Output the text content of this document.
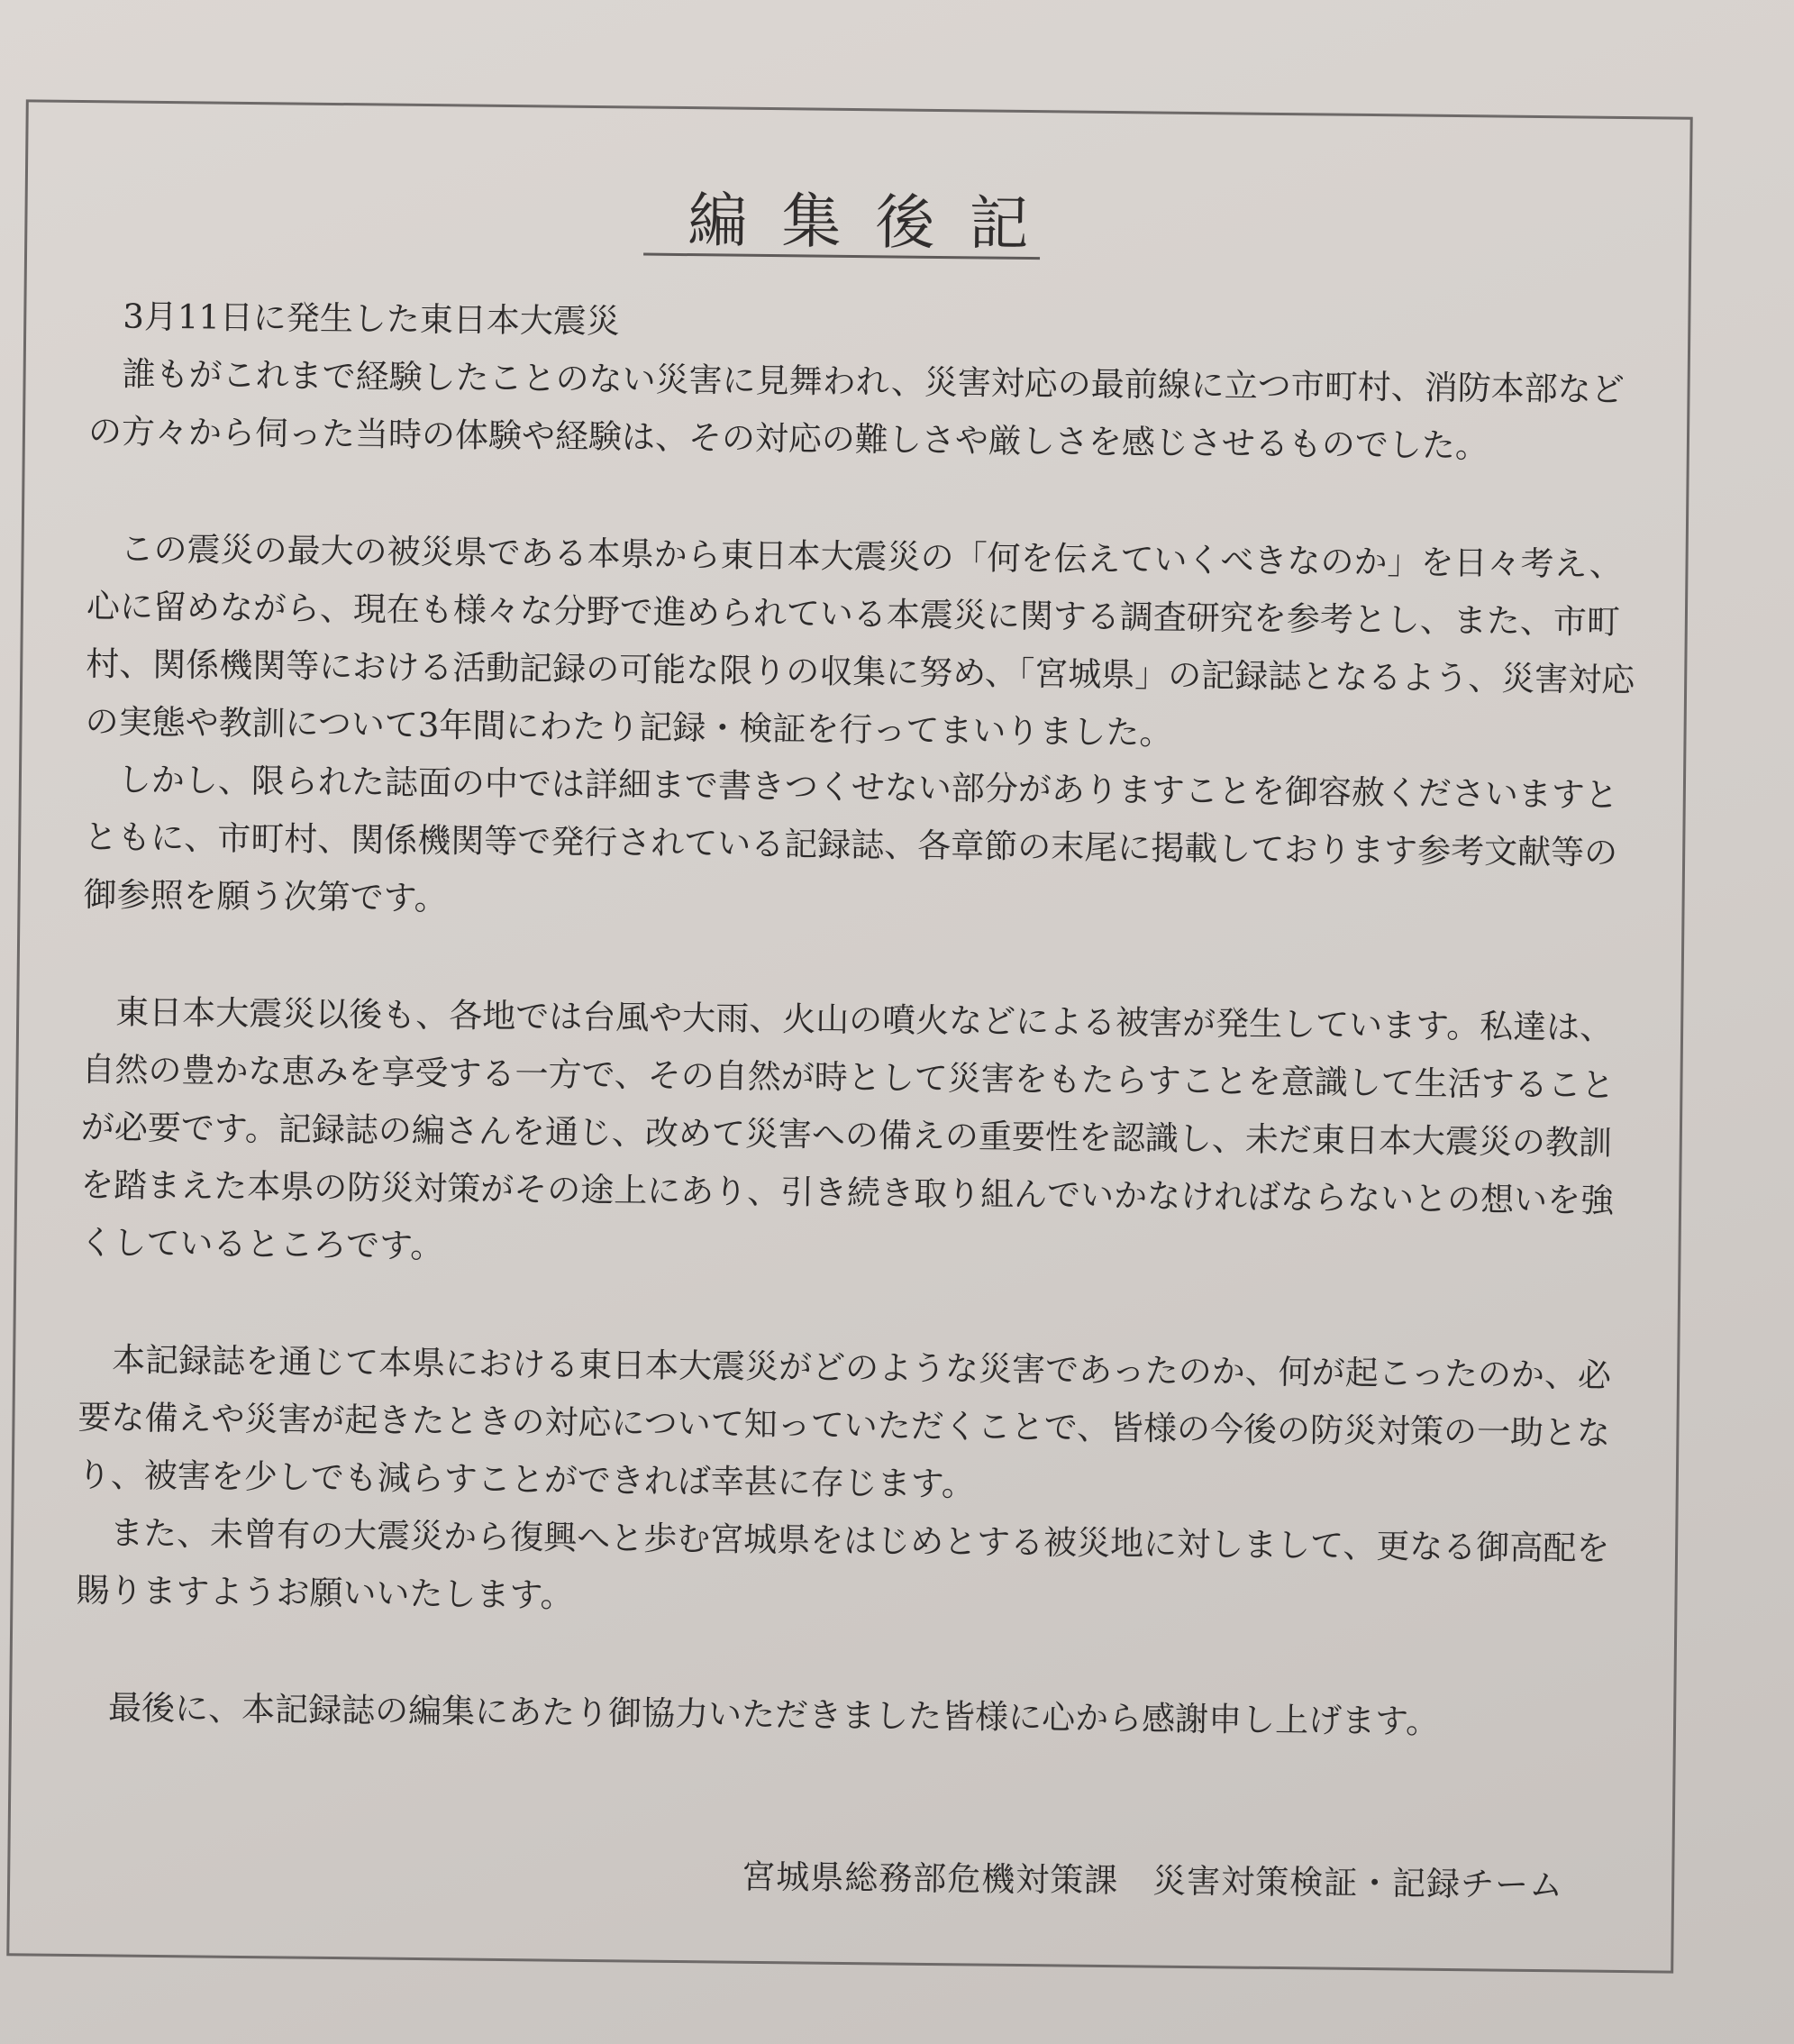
編集後記

3月11日に発生した東日本大震災

誰もがこれまで経験したことのない災害に見舞われ、災害対応の最前線に立つ市町村、消防本部などの方々から伺った当時の体験や経験は、その対応の難しさや厳しさを感じさせるものでした。

この震災の最大の被災県である本県から東日本大震災の「何を伝えていくべきなのか」を日々考え、心に留めながら、現在も様々な分野で進められている本震災に関する調査研究を参考とし、また、市町村、関係機関等における活動記録の可能な限りの収集に努め、「宮城県」の記録誌となるよう、災害対応の実態や教訓について3年間にわたり記録・検証を行ってまいりました。

しかし、限られた誌面の中では詳細まで書きつくせない部分がありますことを御容赦くださいますとともに、市町村、関係機関等で発行されている記録誌、各章節の末尾に掲載しております参考文献等の御参照を願う次第です。

東日本大震災以後も、各地では台風や大雨、火山の噴火などによる被害が発生しています。私達は、自然の豊かな恵みを享受する一方で、その自然が時として災害をもたらすことを意識して生活することが必要です。記録誌の編さんを通じ、改めて災害への備えの重要性を認識し、未だ東日本大震災の教訓を踏まえた本県の防災対策がその途上にあり、引き続き取り組んでいかなければならないとの想いを強くしているところです。

本記録誌を通じて本県における東日本大震災がどのような災害であったのか、何が起こったのか、必要な備えや災害が起きたときの対応について知っていただくことで、皆様の今後の防災対策の一助となり、被害を少しでも減らすことができれば幸甚に存じます。

また、未曾有の大震災から復興へと歩む宮城県をはじめとする被災地に対しまして、更なる御高配を賜りますようお願いいたします。

最後に、本記録誌の編集にあたり御協力いただきました皆様に心から感謝申し上げます。

宮城県総務部危機対策課　災害対策検証・記録チーム
